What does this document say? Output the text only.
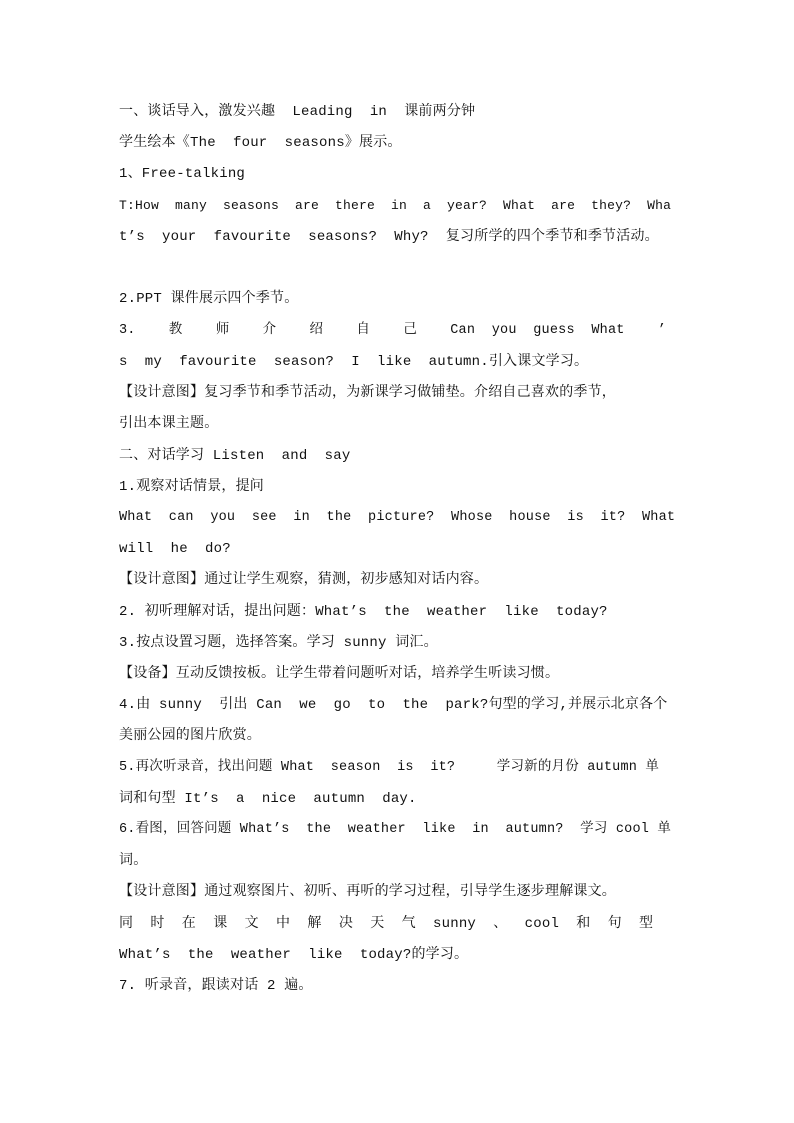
一、谈话导入，激发兴趣  Leading  in  课前两分钟
学生绘本《The  four  seasons》展示。
1、Free-talking
T:How  many  seasons  are  there  in  a  year?  What  are  they?  Wha
t’s  your  favourite  seasons?  Why?  复习所学的四个季节和季节活动。
2.PPT 课件展示四个季节。
3.    教    师    介    绍    自    己    Can  you  guess  What    ’
s  my  favourite  season?  I  like  autumn.引入课文学习。
【设计意图】复习季节和季节活动，为新课学习做铺垫。介绍自己喜欢的季节，
引出本课主题。
二、对话学习 Listen  and  say
1.观察对话情景，提问
What  can  you  see  in  the  picture?  Whose  house  is  it?  What
will  he  do?
【设计意图】通过让学生观察，猜测，初步感知对话内容。
2. 初听理解对话，提出问题：What’s  the  weather  like  today?
3.按点设置习题，选择答案。学习 sunny 词汇。
【设备】互动反馈按板。让学生带着问题听对话，培养学生听读习惯。
4.由 sunny  引出 Can  we  go  to  the  park?句型的学习,并展示北京各个
美丽公园的图片欣赏。
5.再次听录音，找出问题 What  season  is  it?     学习新的月份 autumn 单
词和句型 It’s  a  nice  autumn  day.
6.看图，回答问题 What’s  the  weather  like  in  autumn?  学习 cool 单
词。
【设计意图】通过观察图片、初听、再听的学习过程，引导学生逐步理解课文。
同  时  在  课  文  中  解  决  天  气  sunny  、  cool  和  句  型
What’s  the  weather  like  today?的学习。
7. 听录音，跟读对话 2 遍。
